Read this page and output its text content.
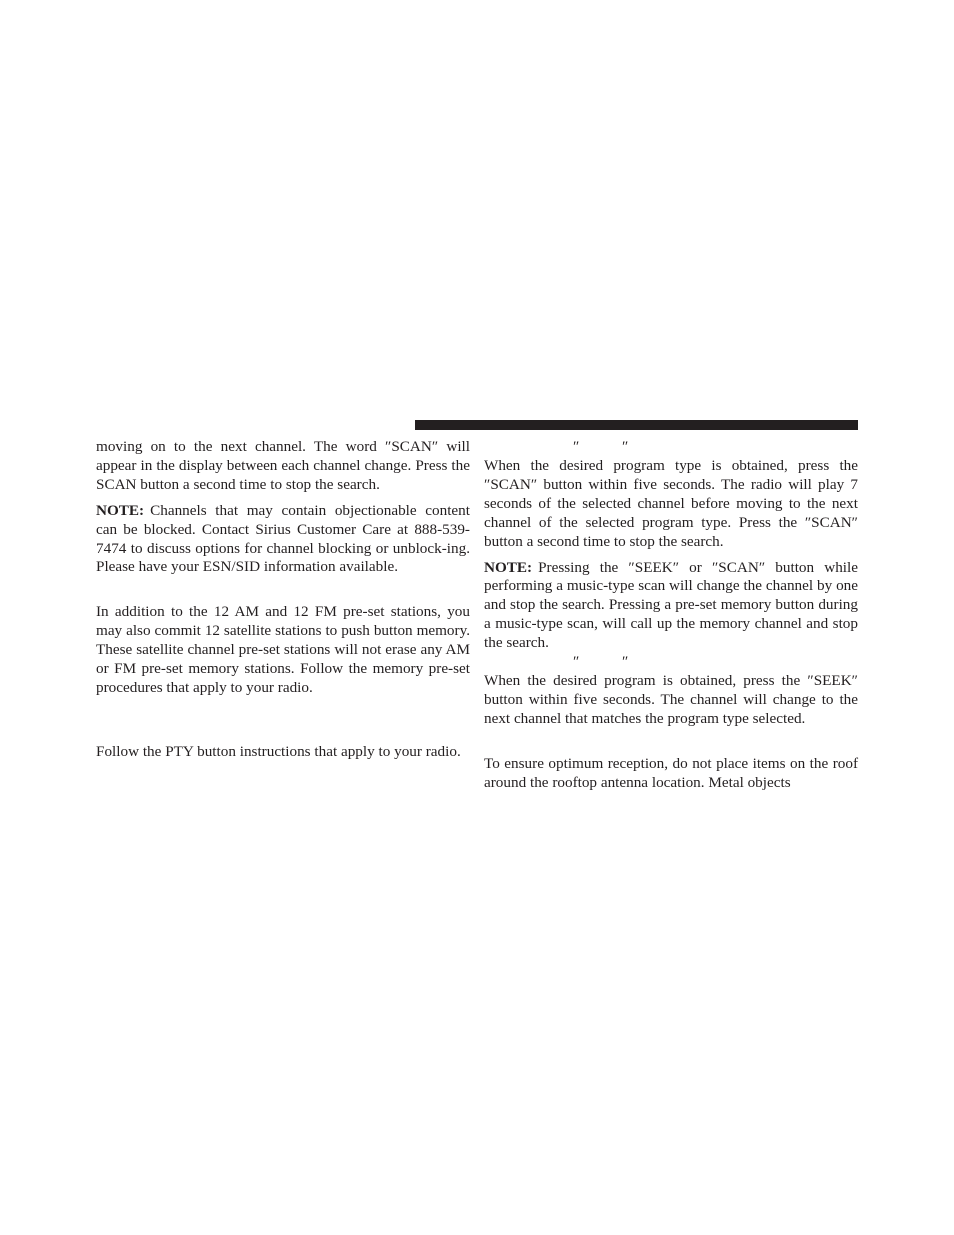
moving on to the next channel. The word ″SCAN″ will appear in the display between each channel change. Press the SCAN button a second time to stop the search.

NOTE: Channels that may contain objectionable content can be blocked. Contact Sirius Customer Care at 888-539-7474 to discuss options for channel blocking or unblock-ing. Please have your ESN/SID information available.

In addition to the 12 AM and 12 FM pre-set stations, you may also commit 12 satellite stations to push button memory. These satellite channel pre-set stations will not erase any AM or FM pre-set memory stations. Follow the memory pre-set procedures that apply to your radio.

Follow the PTY button instructions that apply to your radio.

″	″

When the desired program type is obtained, press the ″SCAN″ button within five seconds. The radio will play 7 seconds of the selected channel before moving to the next channel of the selected program type. Press the ″SCAN″ button a second time to stop the search.

NOTE: Pressing the ″SEEK″ or ″SCAN″ button while performing a music-type scan will change the channel by one and stop the search. Pressing a pre-set memory button during a music-type scan, will call up the memory channel and stop the search.

″	″

When the desired program is obtained, press the ″SEEK″ button within five seconds. The channel will change to the next channel that matches the program type selected.

To ensure optimum reception, do not place items on the roof around the rooftop antenna location. Metal objects
